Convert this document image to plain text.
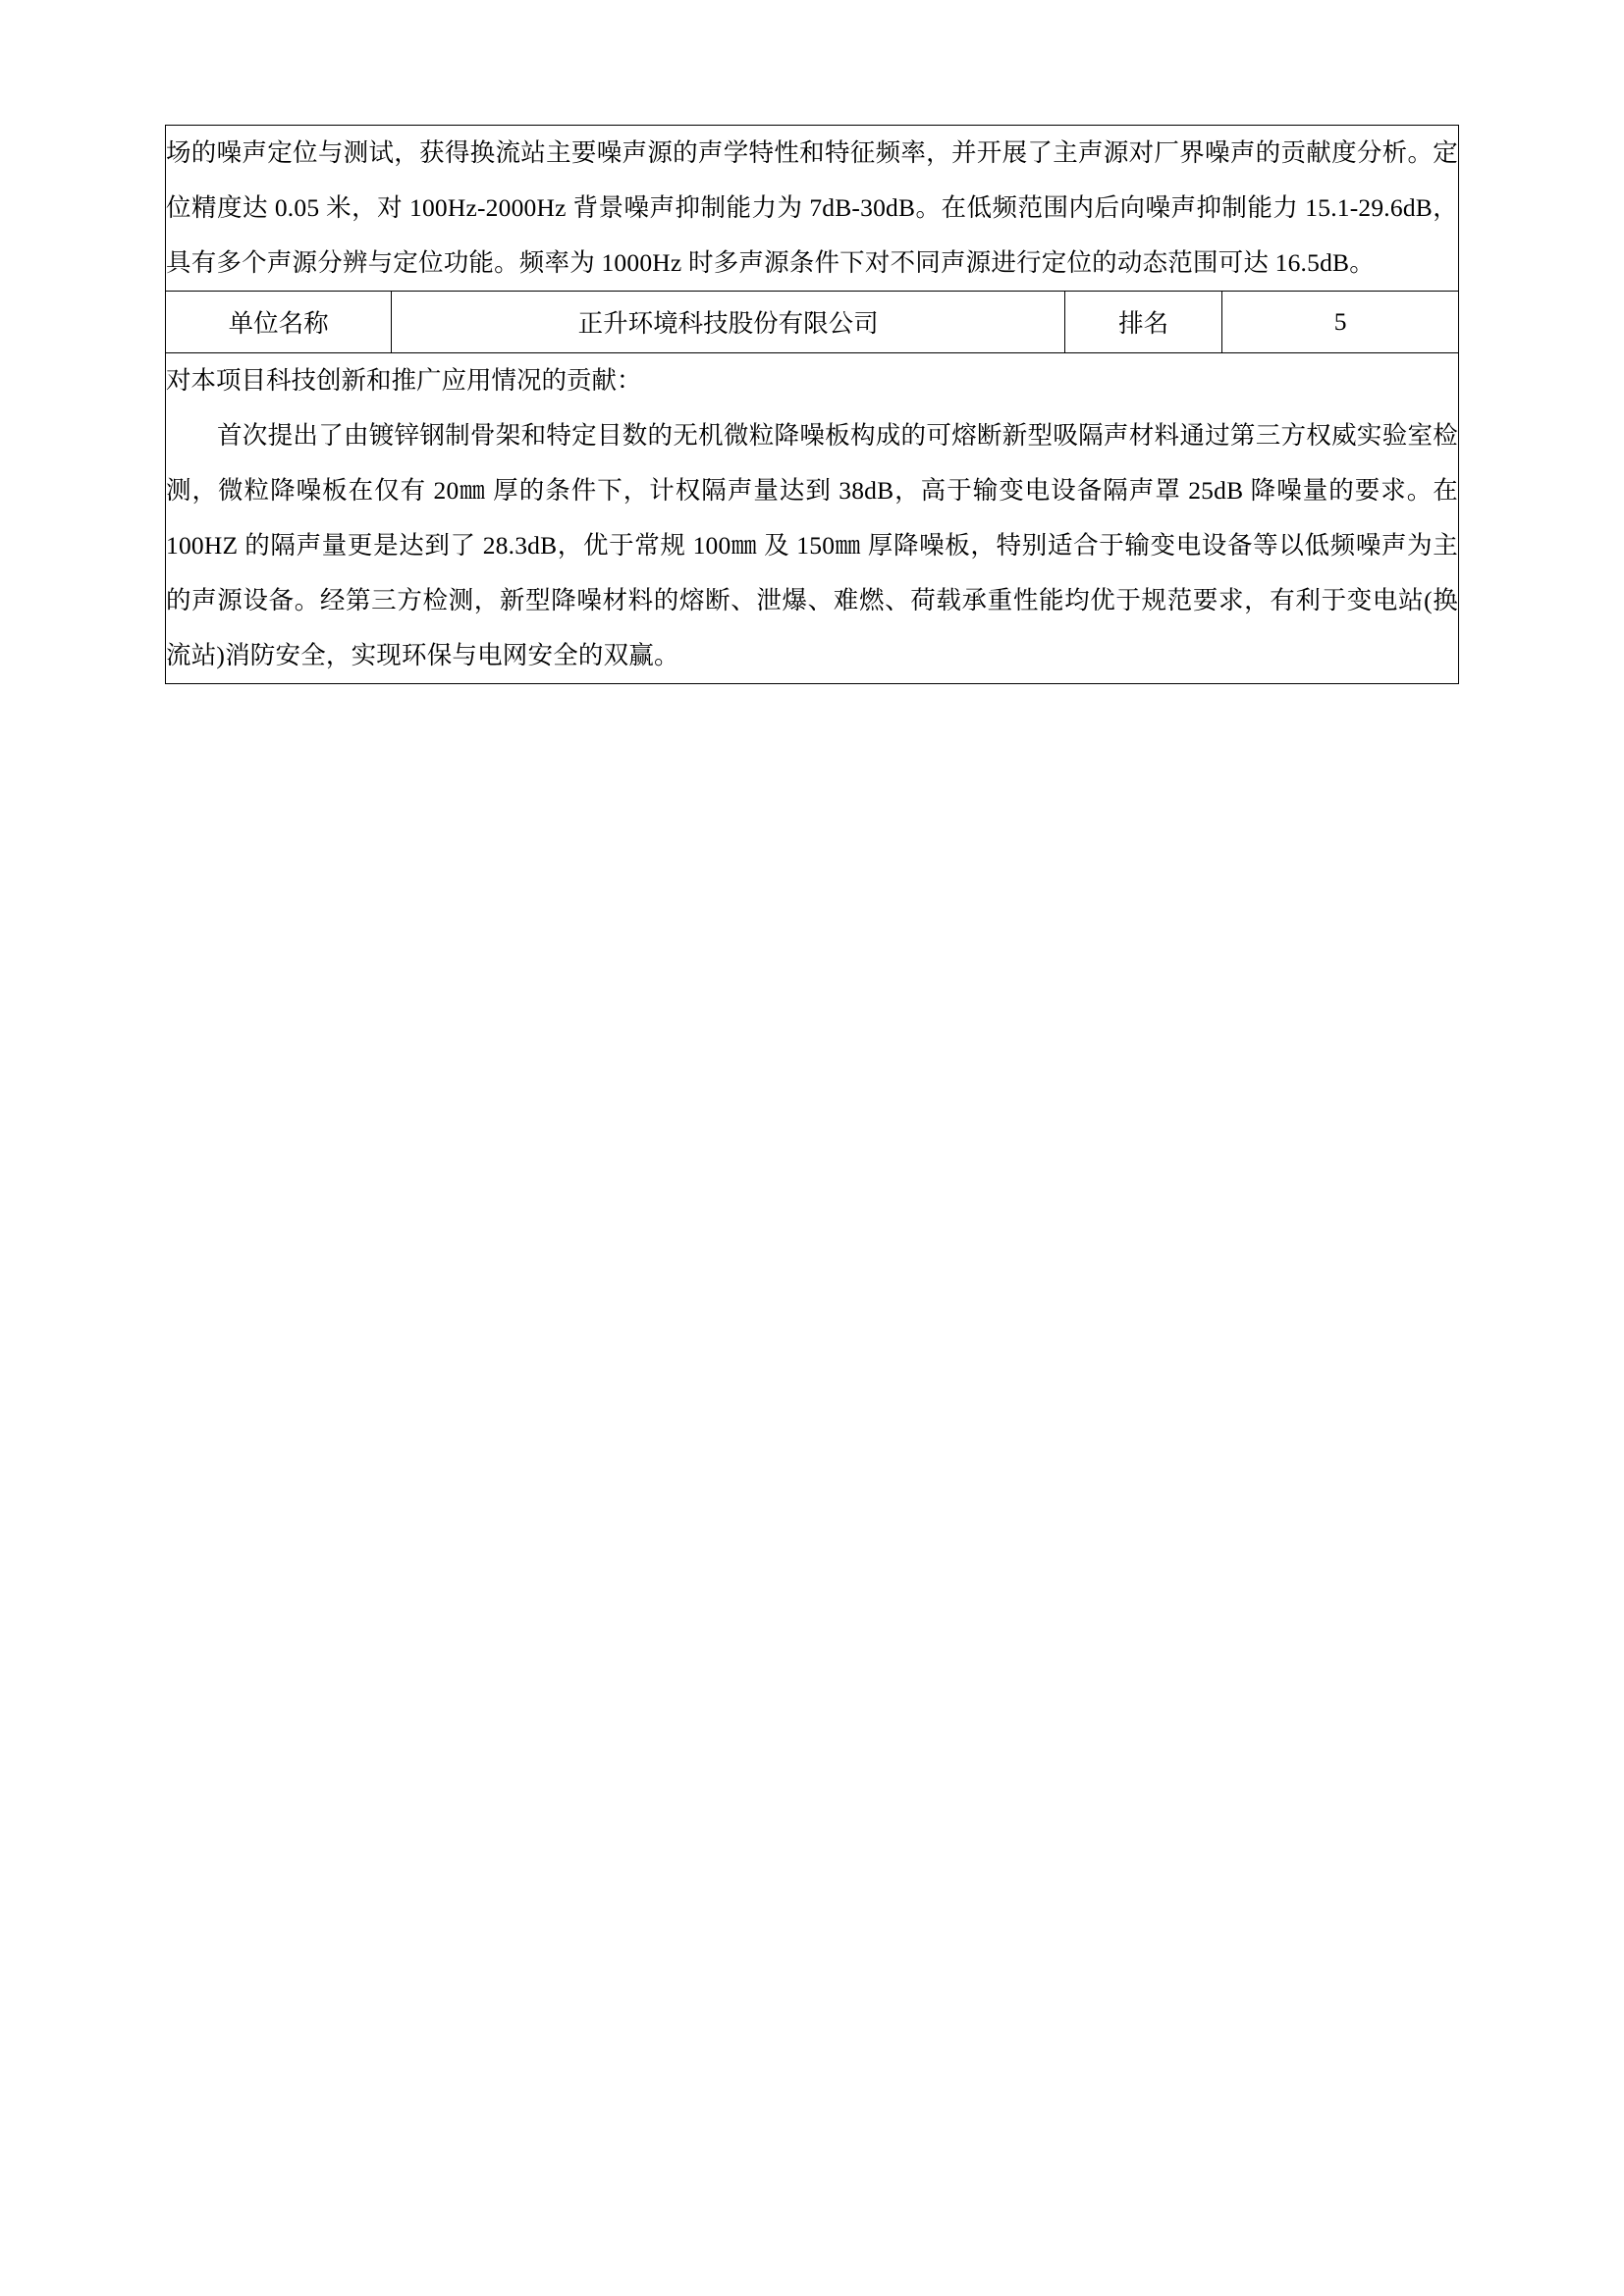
场的噪声定位与测试，获得换流站主要噪声源的声学特性和特征频率，并开展了主声源对厂界噪声的贡献度分析。定位精度达 0.05 米，对 100Hz-2000Hz 背景噪声抑制能力为 7dB-30dB。在低频范围内后向噪声抑制能力 15.1-29.6dB，具有多个声源分辨与定位功能。频率为 1000Hz 时多声源条件下对不同声源进行定位的动态范围可达 16.5dB。

单位名称	正升环境科技股份有限公司	排名	5

对本项目科技创新和推广应用情况的贡献：
首次提出了由镀锌钢制骨架和特定目数的无机微粒降噪板构成的可熔断新型吸隔声材料通过第三方权威实验室检测，微粒降噪板在仅有 20㎜ 厚的条件下，计权隔声量达到 38dB，高于输变电设备隔声罩 25dB 降噪量的要求。在 100HZ 的隔声量更是达到了 28.3dB，优于常规 100㎜ 及 150㎜ 厚降噪板，特别适合于输变电设备等以低频噪声为主的声源设备。经第三方检测，新型降噪材料的熔断、泄爆、难燃、荷载承重性能均优于规范要求，有利于变电站(换流站)消防安全，实现环保与电网安全的双赢。
